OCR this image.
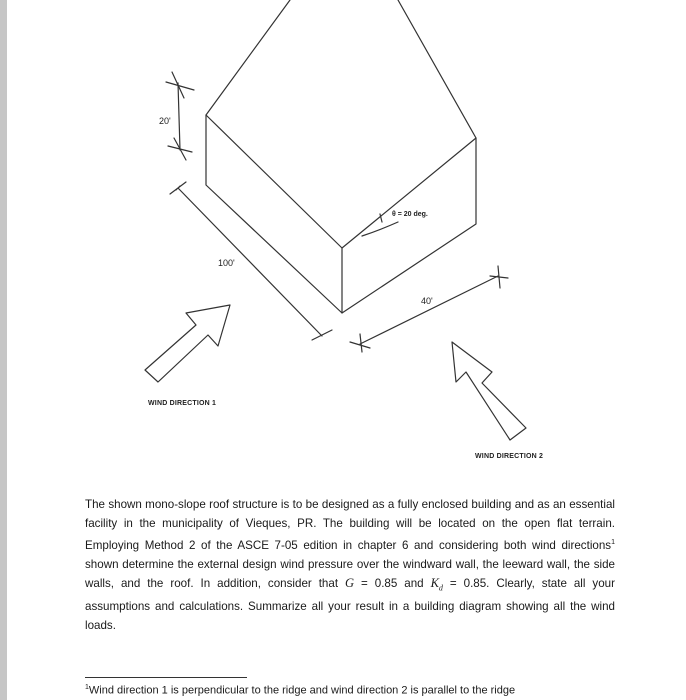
20'
100'
40'
θ = 20 deg.
WIND DIRECTION 1
WIND DIRECTION 2

The shown mono-slope roof structure is to be designed as a fully enclosed building and as an essential facility in the municipality of Vieques, PR. The building will be located on the open flat terrain. Employing Method 2 of the ASCE 7-05 edition in chapter 6 and considering both wind directions$^1$ shown determine the external design wind pressure over the windward wall, the leeward wall, the side walls, and the roof. In addition, consider that G = 0.85 and $K_d = 0.85$. Clearly, state all your assumptions and calculations. Summarize all your result in a building diagram showing all the wind loads.

$^1$Wind direction 1 is perpendicular to the ridge and wind direction 2 is parallel to the ridge
